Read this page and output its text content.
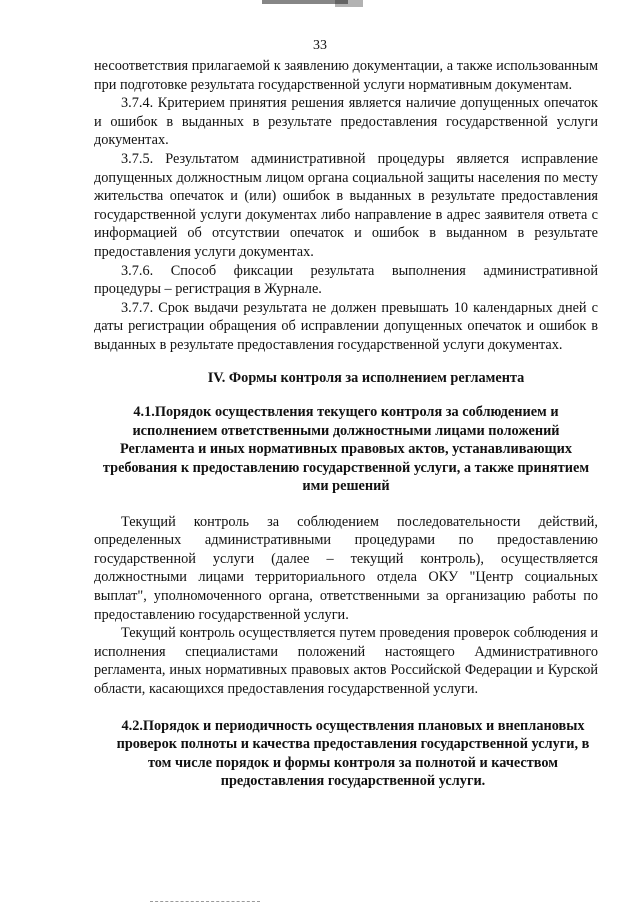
33

несоответствия прилагаемой к заявлению документации, а также использованным при подготовке результата государственной услуги нормативным документам.

3.7.4. Критерием принятия решения является наличие допущенных опечаток и ошибок в выданных в результате предоставления государственной услуги документах.

3.7.5. Результатом административной процедуры является исправление допущенных должностным лицом органа социальной защиты населения по месту жительства опечаток и (или) ошибок в выданных в результате предоставления государственной услуги документах либо направление в адрес заявителя ответа с информацией об отсутствии опечаток и ошибок в выданном в результате предоставления услуги документах.

3.7.6. Способ фиксации результата выполнения административной процедуры – регистрация в Журнале.

3.7.7. Срок выдачи результата не должен превышать 10 календарных дней с даты регистрации обращения об исправлении допущенных опечаток и ошибок в выданных в результате предоставления государственной услуги документах.

IV. Формы контроля за исполнением регламента

4.1.Порядок осуществления текущего контроля за соблюдением и исполнением ответственными должностными лицами положений Регламента и иных нормативных правовых актов, устанавливающих требования к предоставлению государственной услуги, а также принятием ими решений

Текущий контроль за соблюдением последовательности действий, определенных административными процедурами по предоставлению государственной услуги (далее – текущий контроль), осуществляется должностными лицами территориального отдела ОКУ "Центр социальных выплат", уполномоченного органа, ответственными за организацию работы по предоставлению государственной услуги.

Текущий контроль осуществляется путем проведения проверок соблюдения и исполнения специалистами положений настоящего Административного регламента, иных нормативных правовых актов Российской Федерации и Курской области, касающихся предоставления государственной услуги.

4.2.Порядок и периодичность осуществления плановых и внеплановых проверок полноты и качества предоставления государственной услуги, в том числе порядок и формы контроля за полнотой и качеством предоставления государственной услуги.
